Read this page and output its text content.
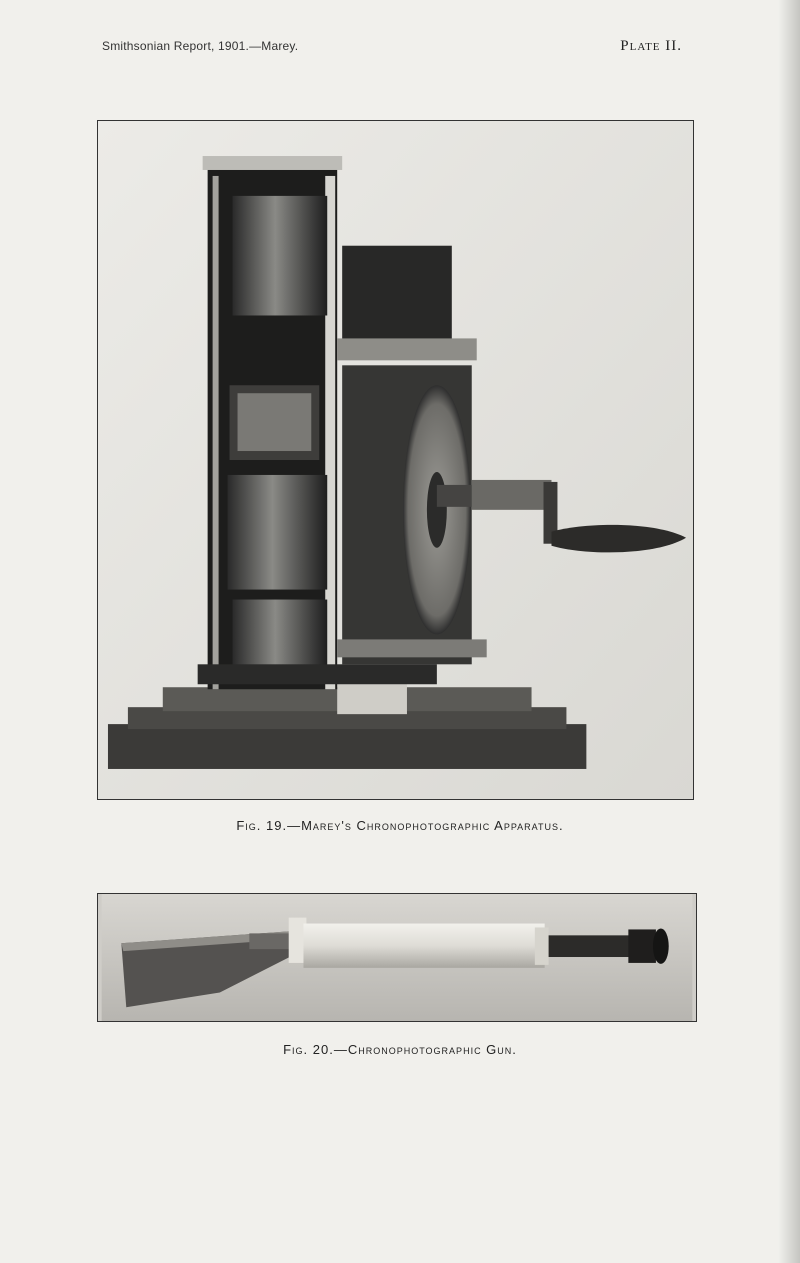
Smithsonian Report, 1901.—Marey.	Plate II.
Fig. 19.—Marey's Chronophotographic Apparatus.
Fig. 20.—Chronophotographic Gun.
